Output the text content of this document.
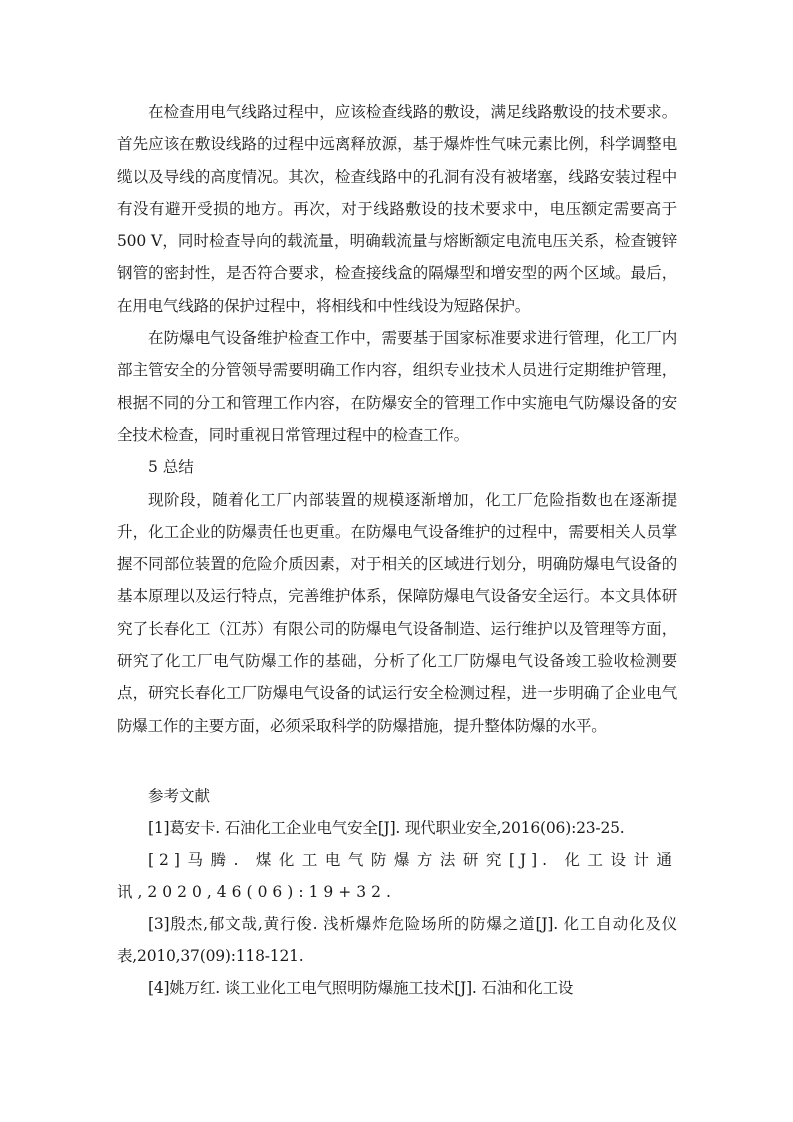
在检查用电气线路过程中，应该检查线路的敷设，满足线路敷设的技术要求。首先应该在敷设线路的过程中远离释放源，基于爆炸性气味元素比例，科学调整电缆以及导线的高度情况。其次，检查线路中的孔洞有没有被堵塞，线路安装过程中有没有避开受损的地方。再次，对于线路敷设的技术要求中，电压额定需要高于 500 V，同时检查导向的载流量，明确载流量与熔断额定电流电压关系，检查镀锌钢管的密封性，是否符合要求，检查接线盒的隔爆型和增安型的两个区域。最后，在用电气线路的保护过程中，将相线和中性线设为短路保护。

在防爆电气设备维护检查工作中，需要基于国家标准要求进行管理，化工厂内部主管安全的分管领导需要明确工作内容，组织专业技术人员进行定期维护管理，根据不同的分工和管理工作内容，在防爆安全的管理工作中实施电气防爆设备的安全技术检查，同时重视日常管理过程中的检查工作。

5 总结

现阶段，随着化工厂内部装置的规模逐渐增加，化工厂危险指数也在逐渐提升，化工企业的防爆责任也更重。在防爆电气设备维护的过程中，需要相关人员掌握不同部位装置的危险介质因素，对于相关的区域进行划分，明确防爆电气设备的基本原理以及运行特点，完善维护体系，保障防爆电气设备安全运行。本文具体研究了长春化工（江苏）有限公司的防爆电气设备制造、运行维护以及管理等方面，研究了化工厂电气防爆工作的基础，分析了化工厂防爆电气设备竣工验收检测要点，研究长春化工厂防爆电气设备的试运行安全检测过程，进一步明确了企业电气防爆工作的主要方面，必须采取科学的防爆措施，提升整体防爆的水平。

参考文献

[1]葛安卡. 石油化工企业电气安全[J]. 现代职业安全,2016(06):23-25.

[2]马腾. 煤化工电气防爆方法研究[J]. 化工设计通讯,2020,46(06):19+32.

[3]殷杰,郁文哉,黄行俊. 浅析爆炸危险场所的防爆之道[J]. 化工自动化及仪表,2010,37(09):118-121.

[4]姚万红. 谈工业化工电气照明防爆施工技术[J]. 石油和化工设
